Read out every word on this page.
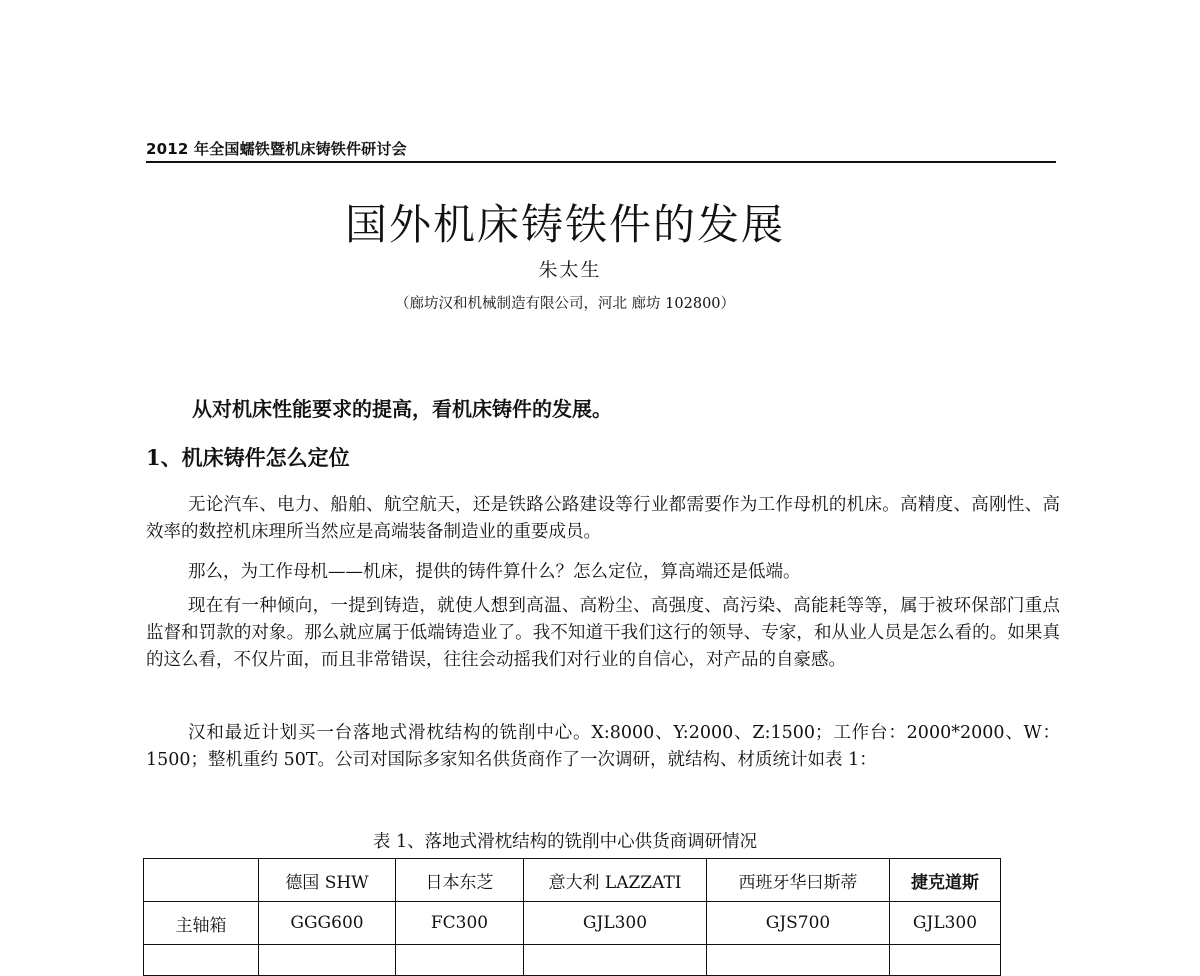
2012 年全国蠕铁暨机床铸铁件研讨会
国外机床铸铁件的发展
朱太生
（廊坊汉和机械制造有限公司，河北 廊坊 102800）
从对机床性能要求的提高，看机床铸件的发展。
1、机床铸件怎么定位

无论汽车、电力、船舶、航空航天，还是铁路公路建设等行业都需要作为工作母机的机床。高精度、高刚性、高效率的数控机床理所当然应是高端装备制造业的重要成员。

那么，为工作母机——机床，提供的铸件算什么？怎么定位，算高端还是低端。

现在有一种倾向，一提到铸造，就使人想到高温、高粉尘、高强度、高污染、高能耗等等，属于被环保部门重点监督和罚款的对象。那么就应属于低端铸造业了。我不知道干我们这行的领导、专家，和从业人员是怎么看的。如果真的这么看，不仅片面，而且非常错误，往往会动摇我们对行业的自信心，对产品的自豪感。

汉和最近计划买一台落地式滑枕结构的铣削中心。X:8000、Y:2000、Z:1500；工作台：2000*2000、W：1500；整机重约 50T。公司对国际多家知名供货商作了一次调研，就结构、材质统计如表 1：

表 1、落地式滑枕结构的铣削中心供货商调研情况
	德国 SHW	日本东芝	意大利 LAZZATI	西班牙华曰斯蒂	捷克道斯
主轴箱	GGG600	FC300	GJL300	GJS700	GJL300
